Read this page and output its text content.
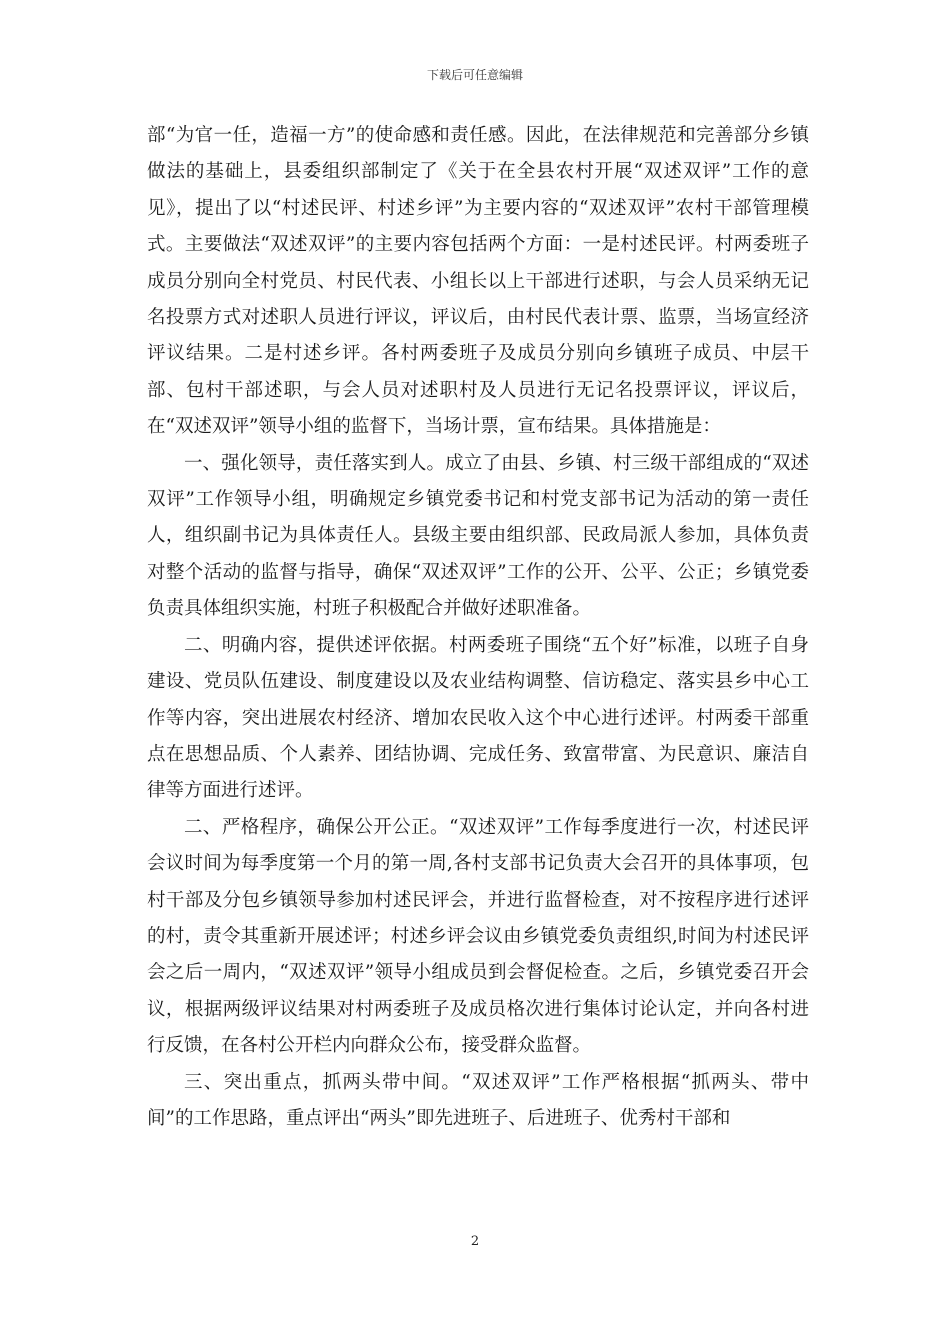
下载后可任意编辑

部“为官一任，造福一方”的使命感和责任感。因此，在法律规范和完善部分乡镇做法的基础上，县委组织部制定了《关于在全县农村开展“双述双评”工作的意见》，提出了以“村述民评、村述乡评”为主要内容的“双述双评”农村干部管理模式。主要做法“双述双评”的主要内容包括两个方面：一是村述民评。村两委班子成员分别向全村党员、村民代表、小组长以上干部进行述职，与会人员采纳无记名投票方式对述职人员进行评议，评议后，由村民代表计票、监票，当场宣经济评议结果。二是村述乡评。各村两委班子及成员分别向乡镇班子成员、中层干部、包村干部述职，与会人员对述职村及人员进行无记名投票评议，评议后，在“双述双评”领导小组的监督下，当场计票，宣布结果。具体措施是：

一、强化领导，责任落实到人。成立了由县、乡镇、村三级干部组成的“双述双评”工作领导小组，明确规定乡镇党委书记和村党支部书记为活动的第一责任人，组织副书记为具体责任人。县级主要由组织部、民政局派人参加，具体负责对整个活动的监督与指导，确保“双述双评”工作的公开、公平、公正；乡镇党委负责具体组织实施，村班子积极配合并做好述职准备。

二、明确内容，提供述评依据。村两委班子围绕“五个好”标准，以班子自身建设、党员队伍建设、制度建设以及农业结构调整、信访稳定、落实县乡中心工作等内容，突出进展农村经济、增加农民收入这个中心进行述评。村两委干部重点在思想品质、个人素养、团结协调、完成任务、致富带富、为民意识、廉洁自律等方面进行述评。

二、严格程序，确保公开公正。“双述双评”工作每季度进行一次，村述民评会议时间为每季度第一个月的第一周,各村支部书记负责大会召开的具体事项，包村干部及分包乡镇领导参加村述民评会，并进行监督检查，对不按程序进行述评的村，责令其重新开展述评；村述乡评会议由乡镇党委负责组织,时间为村述民评会之后一周内，“双述双评”领导小组成员到会督促检查。之后，乡镇党委召开会议，根据两级评议结果对村两委班子及成员格次进行集体讨论认定，并向各村进行反馈，在各村公开栏内向群众公布，接受群众监督。

三、突出重点，抓两头带中间。“双述双评”工作严格根据“抓两头、带中间”的工作思路，重点评出“两头”即先进班子、后进班子、优秀村干部和

2
